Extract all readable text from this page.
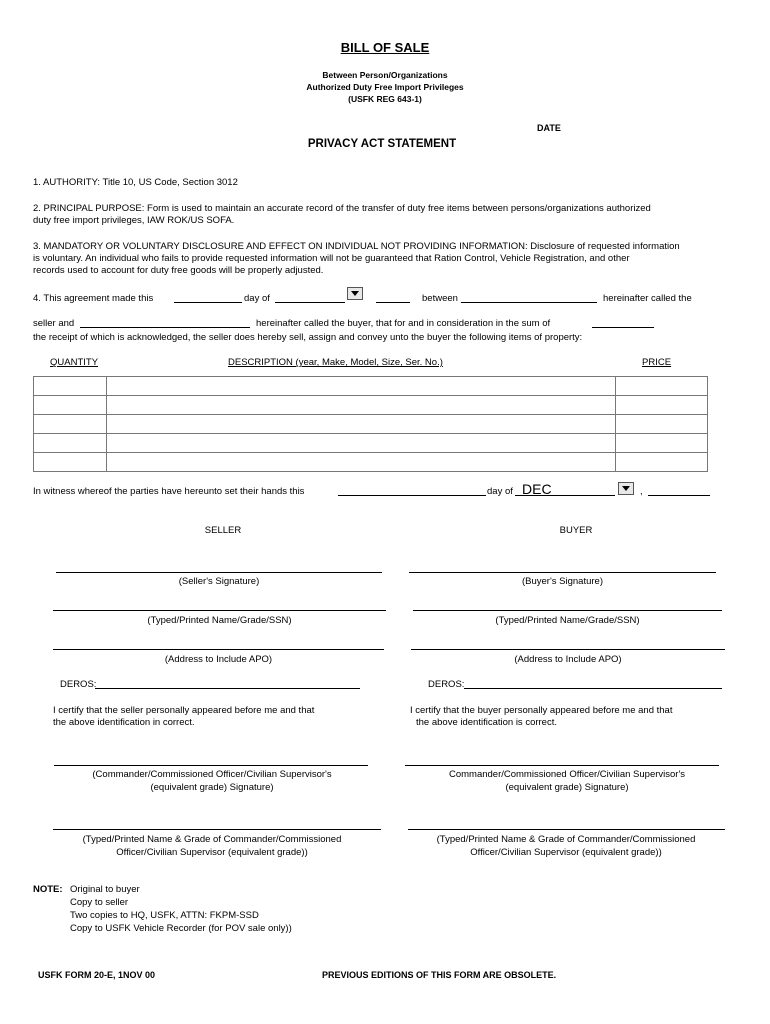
BILL OF SALE
Between Person/Organizations
Authorized Duty Free Import Privileges
(USFK REG 643-1)
DATE
PRIVACY ACT STATEMENT
1. AUTHORITY: Title 10, US Code, Section 3012
2. PRINCIPAL PURPOSE: Form is used to maintain an accurate record of the transfer of duty free items between persons/organizations authorized
duty free import privileges, IAW ROK/US SOFA.
3. MANDATORY OR VOLUNTARY DISCLOSURE AND EFFECT ON INDIVIDUAL NOT PROVIDING INFORMATION: Disclosure of requested information
is voluntary. An individual who fails to provide requested information will not be guaranteed that Ration Control, Vehicle Registration, and other
records used to account for duty free goods will be properly adjusted.
4. This agreement made this	day of	between	hereinafter called the
seller and	hereinafter called the buyer, that for and in consideration in the sum of
the receipt of which is acknowledged, the seller does hereby sell, assign and convey unto the buyer the following items of property:
QUANTITY	DESCRIPTION (year, Make, Model, Size, Ser. No.)	PRICE

In witness whereof the parties have hereunto set their hands this	day of DEC	,
SELLER	BUYER
(Seller's Signature)	(Buyer's Signature)
(Typed/Printed Name/Grade/SSN)	(Typed/Printed Name/Grade/SSN)
(Address to Include APO)	(Address to Include APO)
DEROS:	DEROS:
I certify that the seller personally appeared before me and that
the above identification in correct.
I certify that the buyer personally appeared before me and that
the above identification is correct.
(Commander/Commissioned Officer/Civilian Supervisor's
(equivalent grade) Signature)
Commander/Commissioned Officer/Civilian Supervisor's
(equivalent grade) Signature)
(Typed/Printed Name & Grade of Commander/Commissioned
Officer/Civilian Supervisor (equivalent grade))
(Typed/Printed Name & Grade of Commander/Commissioned
Officer/Civilian Supervisor (equivalent grade))
NOTE: Original to buyer
Copy to seller
Two copies to HQ, USFK, ATTN: FKPM-SSD
Copy to USFK Vehicle Recorder (for POV sale only))
USFK FORM 20-E, 1NOV 00	PREVIOUS EDITIONS OF THIS FORM ARE OBSOLETE.
